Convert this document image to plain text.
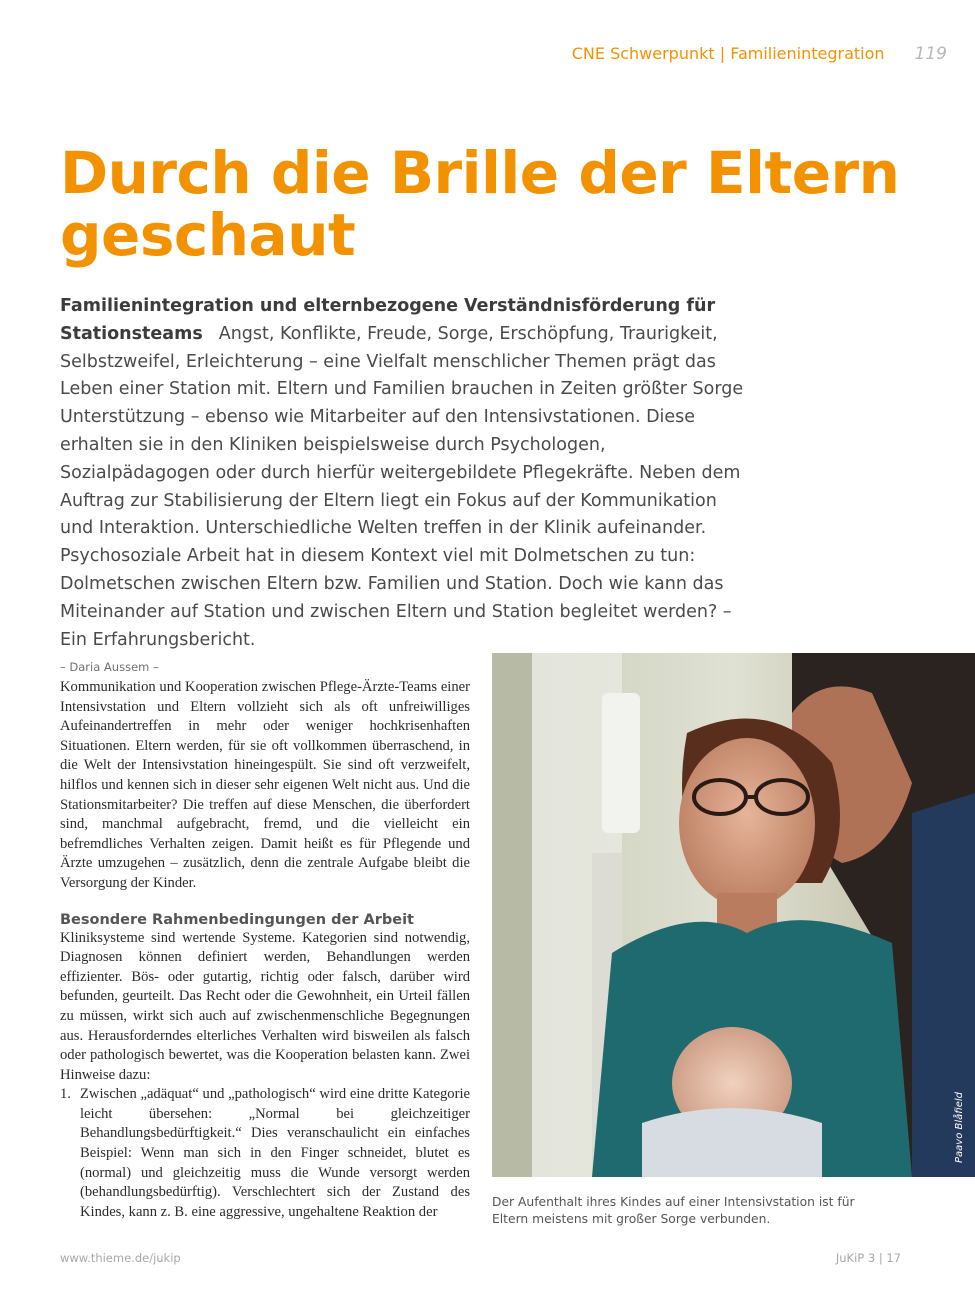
CNE Schwerpunkt | Familienintegration 119
Durch die Brille der Eltern
geschaut

Familienintegration und elternbezogene Verständnisförderung für Stationsteams Angst, Konflikte, Freude, Sorge, Erschöpfung, Traurigkeit, Selbstzweifel, Erleichterung – eine Vielfalt menschlicher Themen prägt das Leben einer Station mit. Eltern und Familien brauchen in Zeiten größter Sorge Unterstützung – ebenso wie Mitarbeiter auf den Intensivstationen. Diese erhalten sie in den Kliniken beispielsweise durch Psychologen, Sozialpädagogen oder durch hierfür weitergebildete Pflegekräfte. Neben dem Auftrag zur Stabilisierung der Eltern liegt ein Fokus auf der Kommunikation und Interaktion. Unterschiedliche Welten treffen in der Klinik aufeinander. Psychosoziale Arbeit hat in diesem Kontext viel mit Dolmetschen zu tun: Dolmetschen zwischen Eltern bzw. Familien und Station. Doch wie kann das Miteinander auf Station und zwischen Eltern und Station begleitet werden? – Ein Erfahrungsbericht.

– Daria Aussem –

Kommunikation und Kooperation zwischen Pflege-Ärzte-Teams einer Intensivstation und Eltern vollzieht sich als oft unfreiwilliges Aufeinandertreffen in mehr oder weniger hochkrisenhaften Situationen. Eltern werden, für sie oft vollkommen überraschend, in die Welt der Intensivstation hineingespült. Sie sind oft verzweifelt, hilflos und kennen sich in dieser sehr eigenen Welt nicht aus. Und die Stationsmitarbeiter? Die treffen auf diese Menschen, die überfordert sind, manchmal aufgebracht, fremd, und die vielleicht ein befremdliches Verhalten zeigen. Damit heißt es für Pflegende und Ärzte umzugehen – zusätzlich, denn die zentrale Aufgabe bleibt die Versorgung der Kinder.

Besondere Rahmenbedingungen der Arbeit

Kliniksysteme sind wertende Systeme. Kategorien sind notwendig, Diagnosen können definiert werden, Behandlungen werden effizienter. Bös- oder gutartig, richtig oder falsch, darüber wird befunden, geurteilt. Das Recht oder die Gewohnheit, ein Urteil fällen zu müssen, wirkt sich auch auf zwischenmenschliche Begegnungen aus. Herausforderndes elterliches Verhalten wird bisweilen als falsch oder pathologisch bewertet, was die Kooperation belasten kann. Zwei Hinweise dazu:

1. Zwischen „adäquat“ und „pathologisch“ wird eine dritte Kategorie leicht übersehen: „Normal bei gleichzeitiger Behandlungsbedürftigkeit.“ Dies veranschaulicht ein einfaches Beispiel: Wenn man sich in den Finger schneidet, blutet es (normal) und gleichzeitig muss die Wunde versorgt werden (behandlungsbedürftig). Verschlechtert sich der Zustand des Kindes, kann z. B. eine aggressive, ungehaltene Reaktion der
Paavo Blåfield

Der Aufenthalt ihres Kindes auf einer Intensivstation ist für Eltern meistens mit großer Sorge verbunden.

www.thieme.de/jukip	JuKiP 3 | 17
